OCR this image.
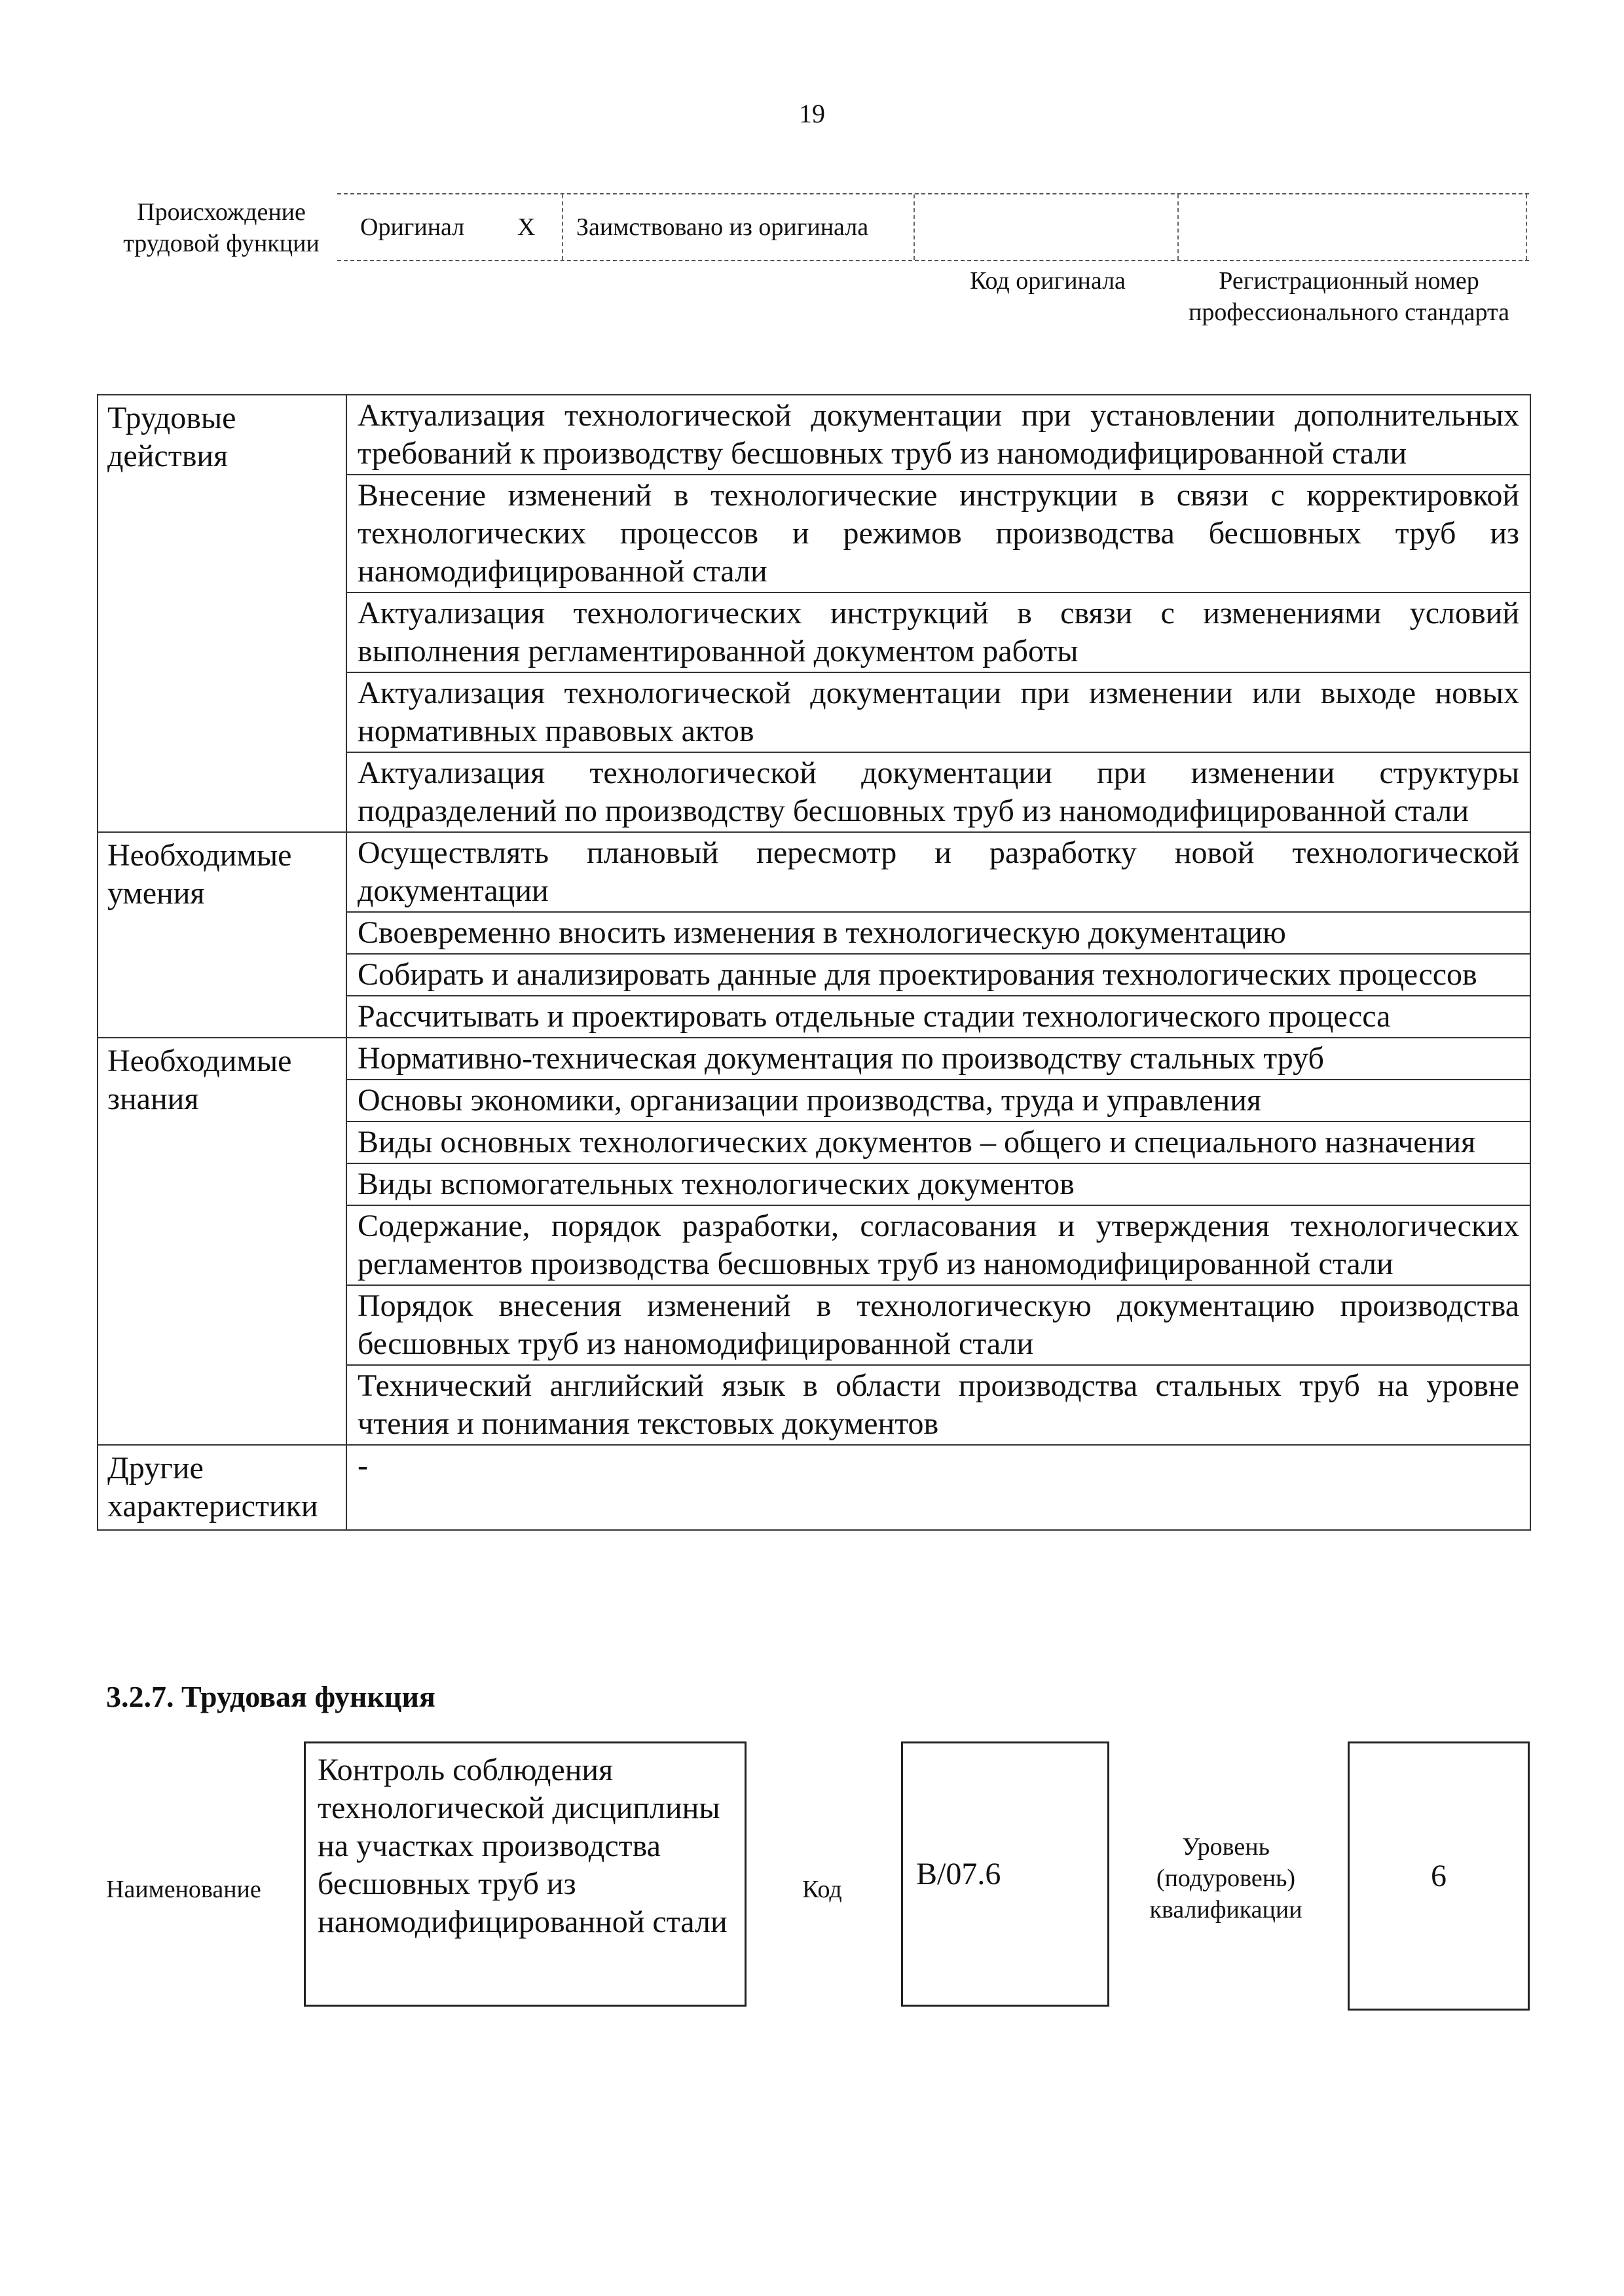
19
Происхождение трудовой функции
Оригинал X Заимствовано из оригинала
Код оригинала	Регистрационный номер профессионального стандарта
Трудовые действия	Актуализация технологической документации при установлении дополнительных требований к производству бесшовных труб из наномодифицированной стали

	Внесение изменений в технологические инструкции в связи с корректировкой технологических процессов и режимов производства бесшовных труб из наномодифицированной стали

	Актуализация технологических инструкций в связи с изменениями условий выполнения регламентированной документом работы

	Актуализация технологической документации при изменении или выходе новых нормативных правовых актов

	Актуализация технологической документации при изменении структуры подразделений по производству бесшовных труб из наномодифицированной стали

Необходимые умения	Осуществлять плановый пересмотр и разработку новой технологической документации

	Своевременно вносить изменения в технологическую документацию

	Собирать и анализировать данные для проектирования технологических процессов

	Рассчитывать и проектировать отдельные стадии технологического процесса

Необходимые знания	Нормативно-техническая документация по производству стальных труб

	Основы экономики, организации производства, труда и управления

	Виды основных технологических документов – общего и специального назначения

	Виды вспомогательных технологических документов

	Содержание, порядок разработки, согласования и утверждения технологических регламентов производства бесшовных труб из наномодифицированной стали

	Порядок внесения изменений в технологическую документацию производства бесшовных труб из наномодифицированной стали

	Технический английский язык в области производства стальных труб на уровне чтения и понимания текстовых документов

Другие характеристики	-
3.2.7. Трудовая функция
Наименование
Контроль соблюдения технологической дисциплины на участках производства бесшовных труб из наномодифицированной стали
Код	B/07.6
Уровень (подуровень) квалификации
6
